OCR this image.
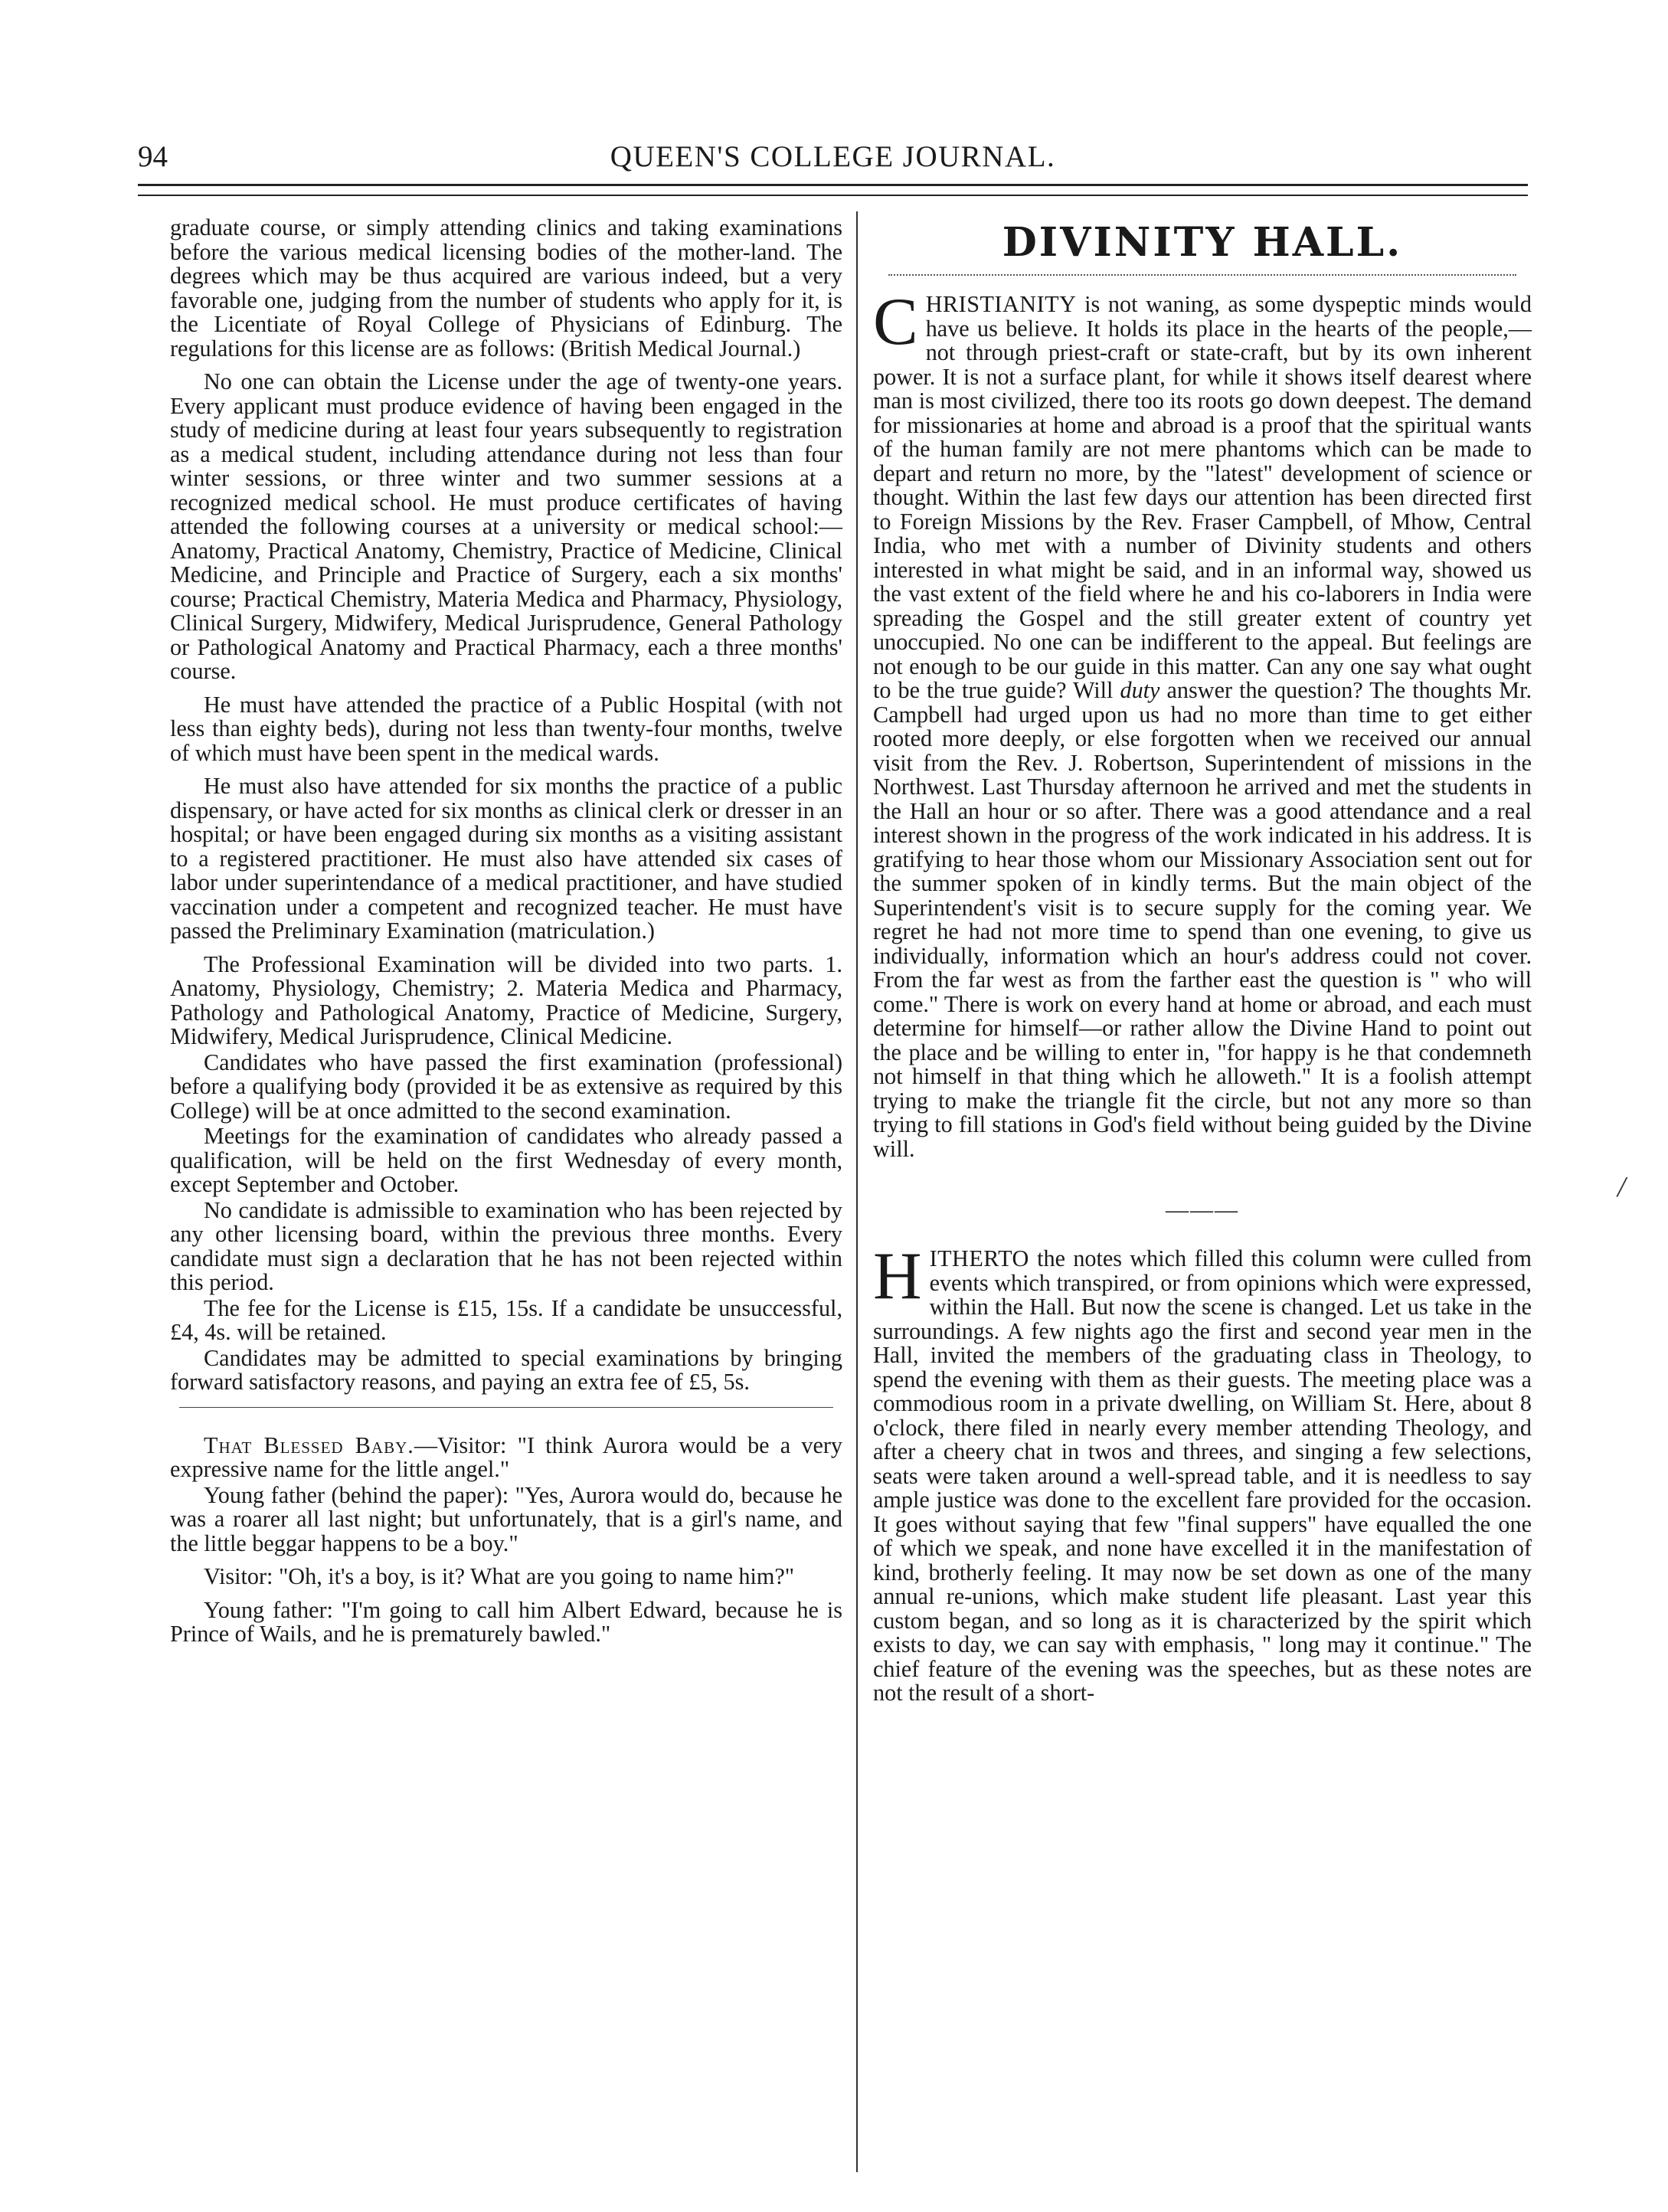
94	QUEEN'S COLLEGE JOURNAL.

graduate course, or simply attending clinics and taking examinations before the various medical licensing bodies of the mother-land. The degrees which may be thus acquired are various indeed, but a very favorable one, judging from the number of students who apply for it, is the Licentiate of Royal College of Physicians of Edinburg. The regulations for this license are as follows: (British Medical Journal.)

No one can obtain the License under the age of twenty-one years. Every applicant must produce evidence of having been engaged in the study of medicine during at least four years subsequently to registration as a medical student, including attendance during not less than four winter sessions, or three winter and two summer sessions at a recognized medical school. He must produce certificates of having attended the following courses at a university or medical school:—Anatomy, Practical Anatomy, Chemistry, Practice of Medicine, Clinical Medicine, and Principle and Practice of Surgery, each a six months' course; Practical Chemistry, Materia Medica and Pharmacy, Physiology, Clinical Surgery, Midwifery, Medical Jurisprudence, General Pathology or Pathological Anatomy and Practical Pharmacy, each a three months' course.

He must have attended the practice of a Public Hospital (with not less than eighty beds), during not less than twenty-four months, twelve of which must have been spent in the medical wards.

He must also have attended for six months the practice of a public dispensary, or have acted for six months as clinical clerk or dresser in an hospital; or have been engaged during six months as a visiting assistant to a registered practitioner. He must also have attended six cases of labor under superintendance of a medical practitioner, and have studied vaccination under a competent and recognized teacher. He must have passed the Preliminary Examination (matriculation.)

The Professional Examination will be divided into two parts. 1. Anatomy, Physiology, Chemistry; 2. Materia Medica and Pharmacy, Pathology and Pathological Anatomy, Practice of Medicine, Surgery, Midwifery, Medical Jurisprudence, Clinical Medicine.

Candidates who have passed the first examination (professional) before a qualifying body (provided it be as extensive as required by this College) will be at once admitted to the second examination.

Meetings for the examination of candidates who already passed a qualification, will be held on the first Wednesday of every month, except September and October.

No candidate is admissible to examination who has been rejected by any other licensing board, within the previous three months. Every candidate must sign a declaration that he has not been rejected within this period.

The fee for the License is £15, 15s. If a candidate be unsuccessful, £4, 4s. will be retained.

Candidates may be admitted to special examinations by bringing forward satisfactory reasons, and paying an extra fee of £5, 5s.

That Blessed Baby.—Visitor: "I think Aurora would be a very expressive name for the little angel."

Young father (behind the paper): "Yes, Aurora would do, because he was a roarer all last night; but unfortunately, that is a girl's name, and the little beggar happens to be a boy."

Visitor: "Oh, it's a boy, is it? What are you going to name him?"

Young father: "I'm going to call him Albert Edward, because he is Prince of Wails, and he is prematurely bawled."

DIVINITY HALL.

CHRISTIANITY is not waning, as some dyspeptic minds would have us believe. It holds its place in the hearts of the people,—not through priest-craft or state-craft, but by its own inherent power. It is not a surface plant, for while it shows itself dearest where man is most civilized, there too its roots go down deepest. The demand for missionaries at home and abroad is a proof that the spiritual wants of the human family are not mere phantoms which can be made to depart and return no more, by the "latest" development of science or thought. Within the last few days our attention has been directed first to Foreign Missions by the Rev. Fraser Campbell, of Mhow, Central India, who met with a number of Divinity students and others interested in what might be said, and in an informal way, showed us the vast extent of the field where he and his co-laborers in India were spreading the Gospel and the still greater extent of country yet unoccupied. No one can be indifferent to the appeal. But feelings are not enough to be our guide in this matter. Can any one say what ought to be the true guide? Will duty answer the question? The thoughts Mr. Campbell had urged upon us had no more than time to get either rooted more deeply, or else forgotten when we received our annual visit from the Rev. J. Robertson, Superintendent of missions in the Northwest. Last Thursday afternoon he arrived and met the students in the Hall an hour or so after. There was a good attendance and a real interest shown in the progress of the work indicated in his address. It is gratifying to hear those whom our Missionary Association sent out for the summer spoken of in kindly terms. But the main object of the Superintendent's visit is to secure supply for the coming year. We regret he had not more time to spend than one evening, to give us individually, information which an hour's address could not cover. From the far west as from the farther east the question is " who will come." There is work on every hand at home or abroad, and each must determine for himself—or rather allow the Divine Hand to point out the place and be willing to enter in, "for happy is he that condemneth not himself in that thing which he alloweth." It is a foolish attempt trying to make the triangle fit the circle, but not any more so than trying to fill stations in God's field without being guided by the Divine will.

———

HITHERTO the notes which filled this column were culled from events which transpired, or from opinions which were expressed, within the Hall. But now the scene is changed. Let us take in the surroundings. A few nights ago the first and second year men in the Hall, invited the members of the graduating class in Theology, to spend the evening with them as their guests. The meeting place was a commodious room in a private dwelling, on William St. Here, about 8 o'clock, there filed in nearly every member attending Theology, and after a cheery chat in twos and threes, and singing a few selections, seats were taken around a well-spread table, and it is needless to say ample justice was done to the excellent fare provided for the occasion. It goes without saying that few "final suppers" have equalled the one of which we speak, and none have excelled it in the manifestation of kind, brotherly feeling. It may now be set down as one of the many annual re-unions, which make student life pleasant. Last year this custom began, and so long as it is characterized by the spirit which exists to day, we can say with emphasis, " long may it continue." The chief feature of the evening was the speeches, but as these notes are not the result of a short-

/
